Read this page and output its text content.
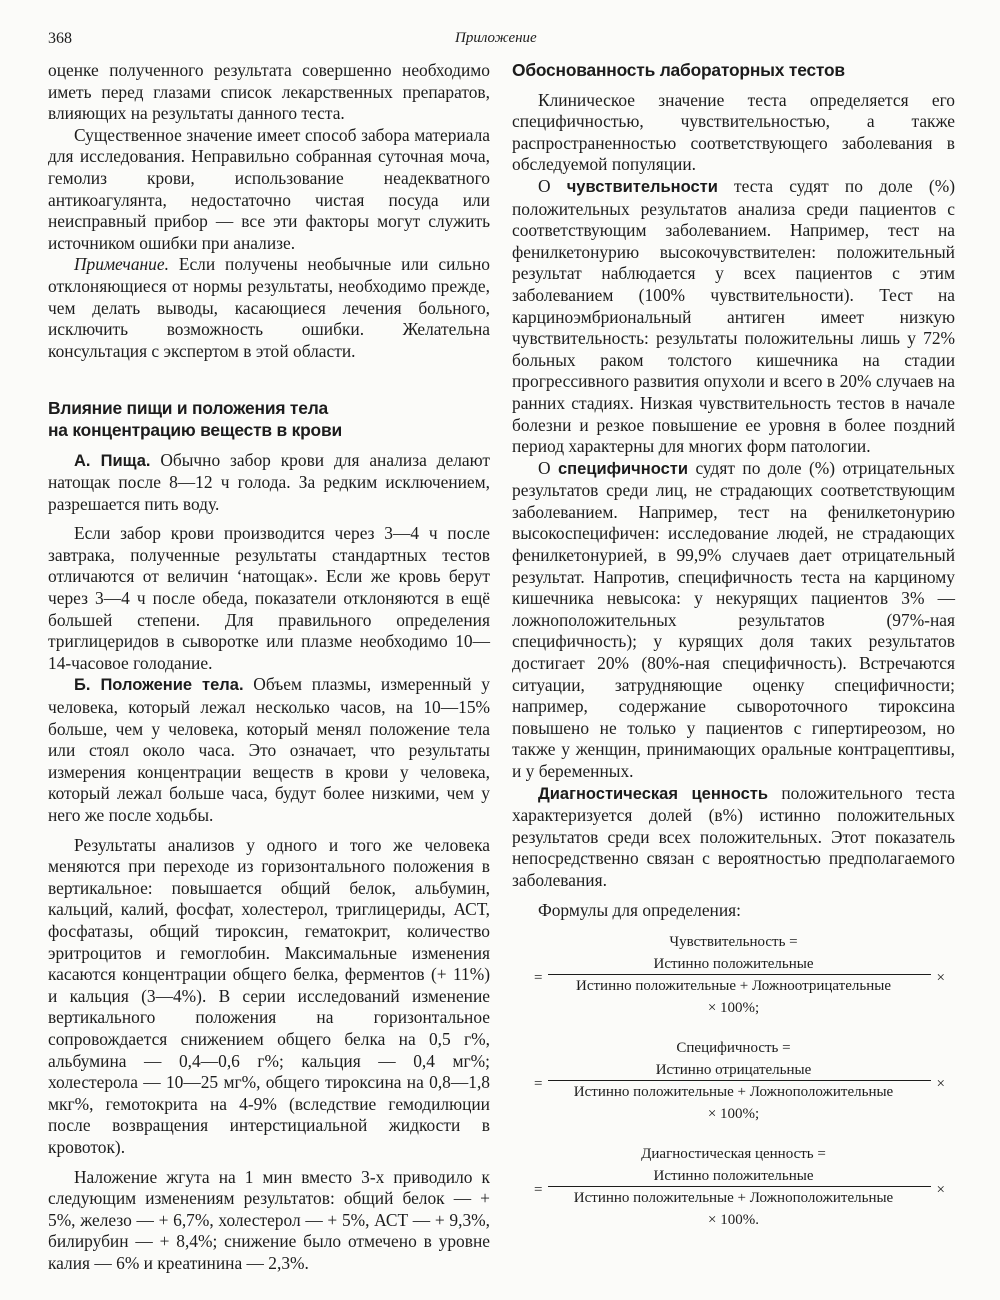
368	Приложение

оценке полученного результата совершенно необходимо иметь перед глазами список лекарственных препаратов, влияющих на результаты данного теста.

Существенное значение имеет способ забора материала для исследования. Неправильно собранная суточная моча, гемолиз крови, использование неадекватного антикоагулянта, недостаточно чистая посуда или неисправный прибор — все эти факторы могут служить источником ошибки при анализе.

Примечание. Если получены необычные или сильно отклоняющиеся от нормы результаты, необходимо прежде, чем делать выводы, касающиеся лечения больного, исключить возможность ошибки. Желательна консультация с экспертом в этой области.

Влияние пищи и положения тела
на концентрацию веществ в крови

А. Пища. Обычно забор крови для анализа делают натощак после 8—12 ч голода. За редким исключением, разрешается пить воду.

Если забор крови производится через 3—4 ч после завтрака, полученные результаты стандартных тестов отличаются от величин ʻнатощак». Если же кровь берут через 3—4 ч после обеда, показатели отклоняются в ещё большей степени. Для правильного определения триглицеридов в сыворотке или плазме необходимо 10—14-часовое голодание.

Б. Положение тела. Объем плазмы, измеренный у человека, который лежал несколько часов, на 10—15% больше, чем у человека, который менял положение тела или стоял около часа. Это означает, что результаты измерения концентрации веществ в крови у человека, который лежал больше часа, будут более низкими, чем у него же после ходьбы.

Результаты анализов у одного и того же человека меняются при переходе из горизонтального положения в вертикальное: повышается общий белок, альбумин, кальций, калий, фосфат, холестерол, триглицериды, АСТ, фосфатазы, общий тироксин, гематокрит, количество эритроцитов и гемоглобин. Максимальные изменения касаются концентрации общего белка, ферментов (+ 11%) и кальция (3—4%). В серии исследований изменение вертикального положения на горизонтальное сопровождается снижением общего белка на 0,5 г%, альбумина — 0,4—0,6 г%; кальция — 0,4 мг%; холестерола — 10—25 мг%, общего тироксина на 0,8—1,8 мкг%, гемотокрита на 4-9% (вследствие гемодилюции после возвращения интерстициальной жидкости в кровоток).

Наложение жгута на 1 мин вместо 3-х приводило к следующим изменениям результатов: общий белок — + 5%, железо — + 6,7%, холестерол — + 5%, АСТ — + 9,3%, билирубин — + 8,4%; снижение было отмечено в уровне калия — 6% и креатинина — 2,3%.

Обоснованность лабораторных тестов

Клиническое значение теста определяется его специфичностью, чувствительностью, а также распространенностью соответствующего заболевания в обследуемой популяции.

О чувствительности теста судят по доле (%) положительных результатов анализа среди пациентов с соответствующим заболеванием. Например, тест на фенилкетонурию высокочувствителен: положительный результат наблюдается у всех пациентов с этим заболеванием (100% чувствительности). Тест на карциноэмбриональный антиген имеет низкую чувствительность: результаты положительны лишь у 72% больных раком толстого кишечника на стадии прогрессивного развития опухоли и всего в 20% случаев на ранних стадиях. Низкая чувствительность тестов в начале болезни и резкое повышение ее уровня в более поздний период характерны для многих форм патологии.

О специфичности судят по доле (%) отрицательных результатов среди лиц, не страдающих соответствующим заболеванием. Например, тест на фенилкетонурию высокоспецифичен: исследование людей, не страдающих фенилкетонурией, в 99,9% случаев дает отрицательный результат. Напротив, специфичность теста на карциному кишечника невысока: у некурящих пациентов 3% — ложноположительных результатов (97%-ная специфичность); у курящих доля таких результатов достигает 20% (80%-ная специфичность). Встречаются ситуации, затрудняющие оценку специфичности; например, содержание сывороточного тироксина повышено не только у пациентов с гипертиреозом, но также у женщин, принимающих оральные контрацептивы, и у беременных.

Диагностическая ценность положительного теста характеризуется долей (в%) истинно положительных результатов среди всех положительных. Этот показатель непосредственно связан с вероятностью предполагаемого заболевания.

Формулы для определения:

Чувствительность =
=
Истинно положительные
Истинно положительные + Ложноотрицательные	×
× 100%;
Специфичность =
=
Истинно отрицательные
Истинно положительные + Ложноположительные	×
× 100%;
Диагностическая ценность =
=
Истинно положительные
Истинно положительные + Ложноположительные	×
× 100%.
